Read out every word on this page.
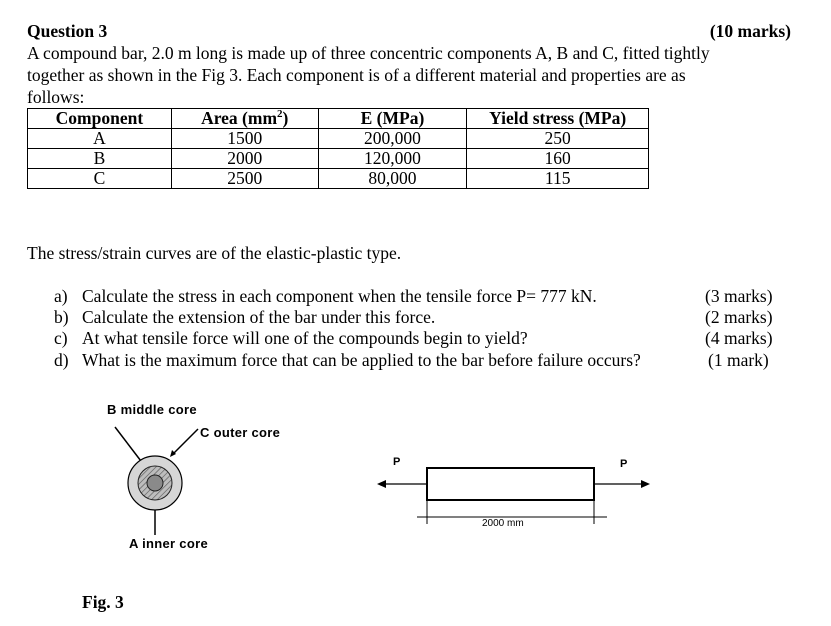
Question 3	(10 marks)
A compound bar, 2.0 m long is made up of three concentric components A, B and C, fitted tightly
together as shown in the Fig 3. Each component is of a different material and properties are as
follows:
Component	Area $(mm^2)$	E (MPa)	Yield stress (MPa)
A	1500	200,000	250
B	2000	120,000	160
C	2500	80,000	115
The stress/strain curves are of the elastic-plastic type.
a) Calculate the stress in each component when the tensile force P= 777 kN.	(3 marks)
b) Calculate the extension of the bar under this force.	(2 marks)
c) At what tensile force will one of the compounds begin to yield?	(4 marks)
d) What is the maximum force that can be applied to the bar before failure occurs?	(1 mark)
B middle core
C outer core
A inner core
P	P
2000 mm
Fig. 3
